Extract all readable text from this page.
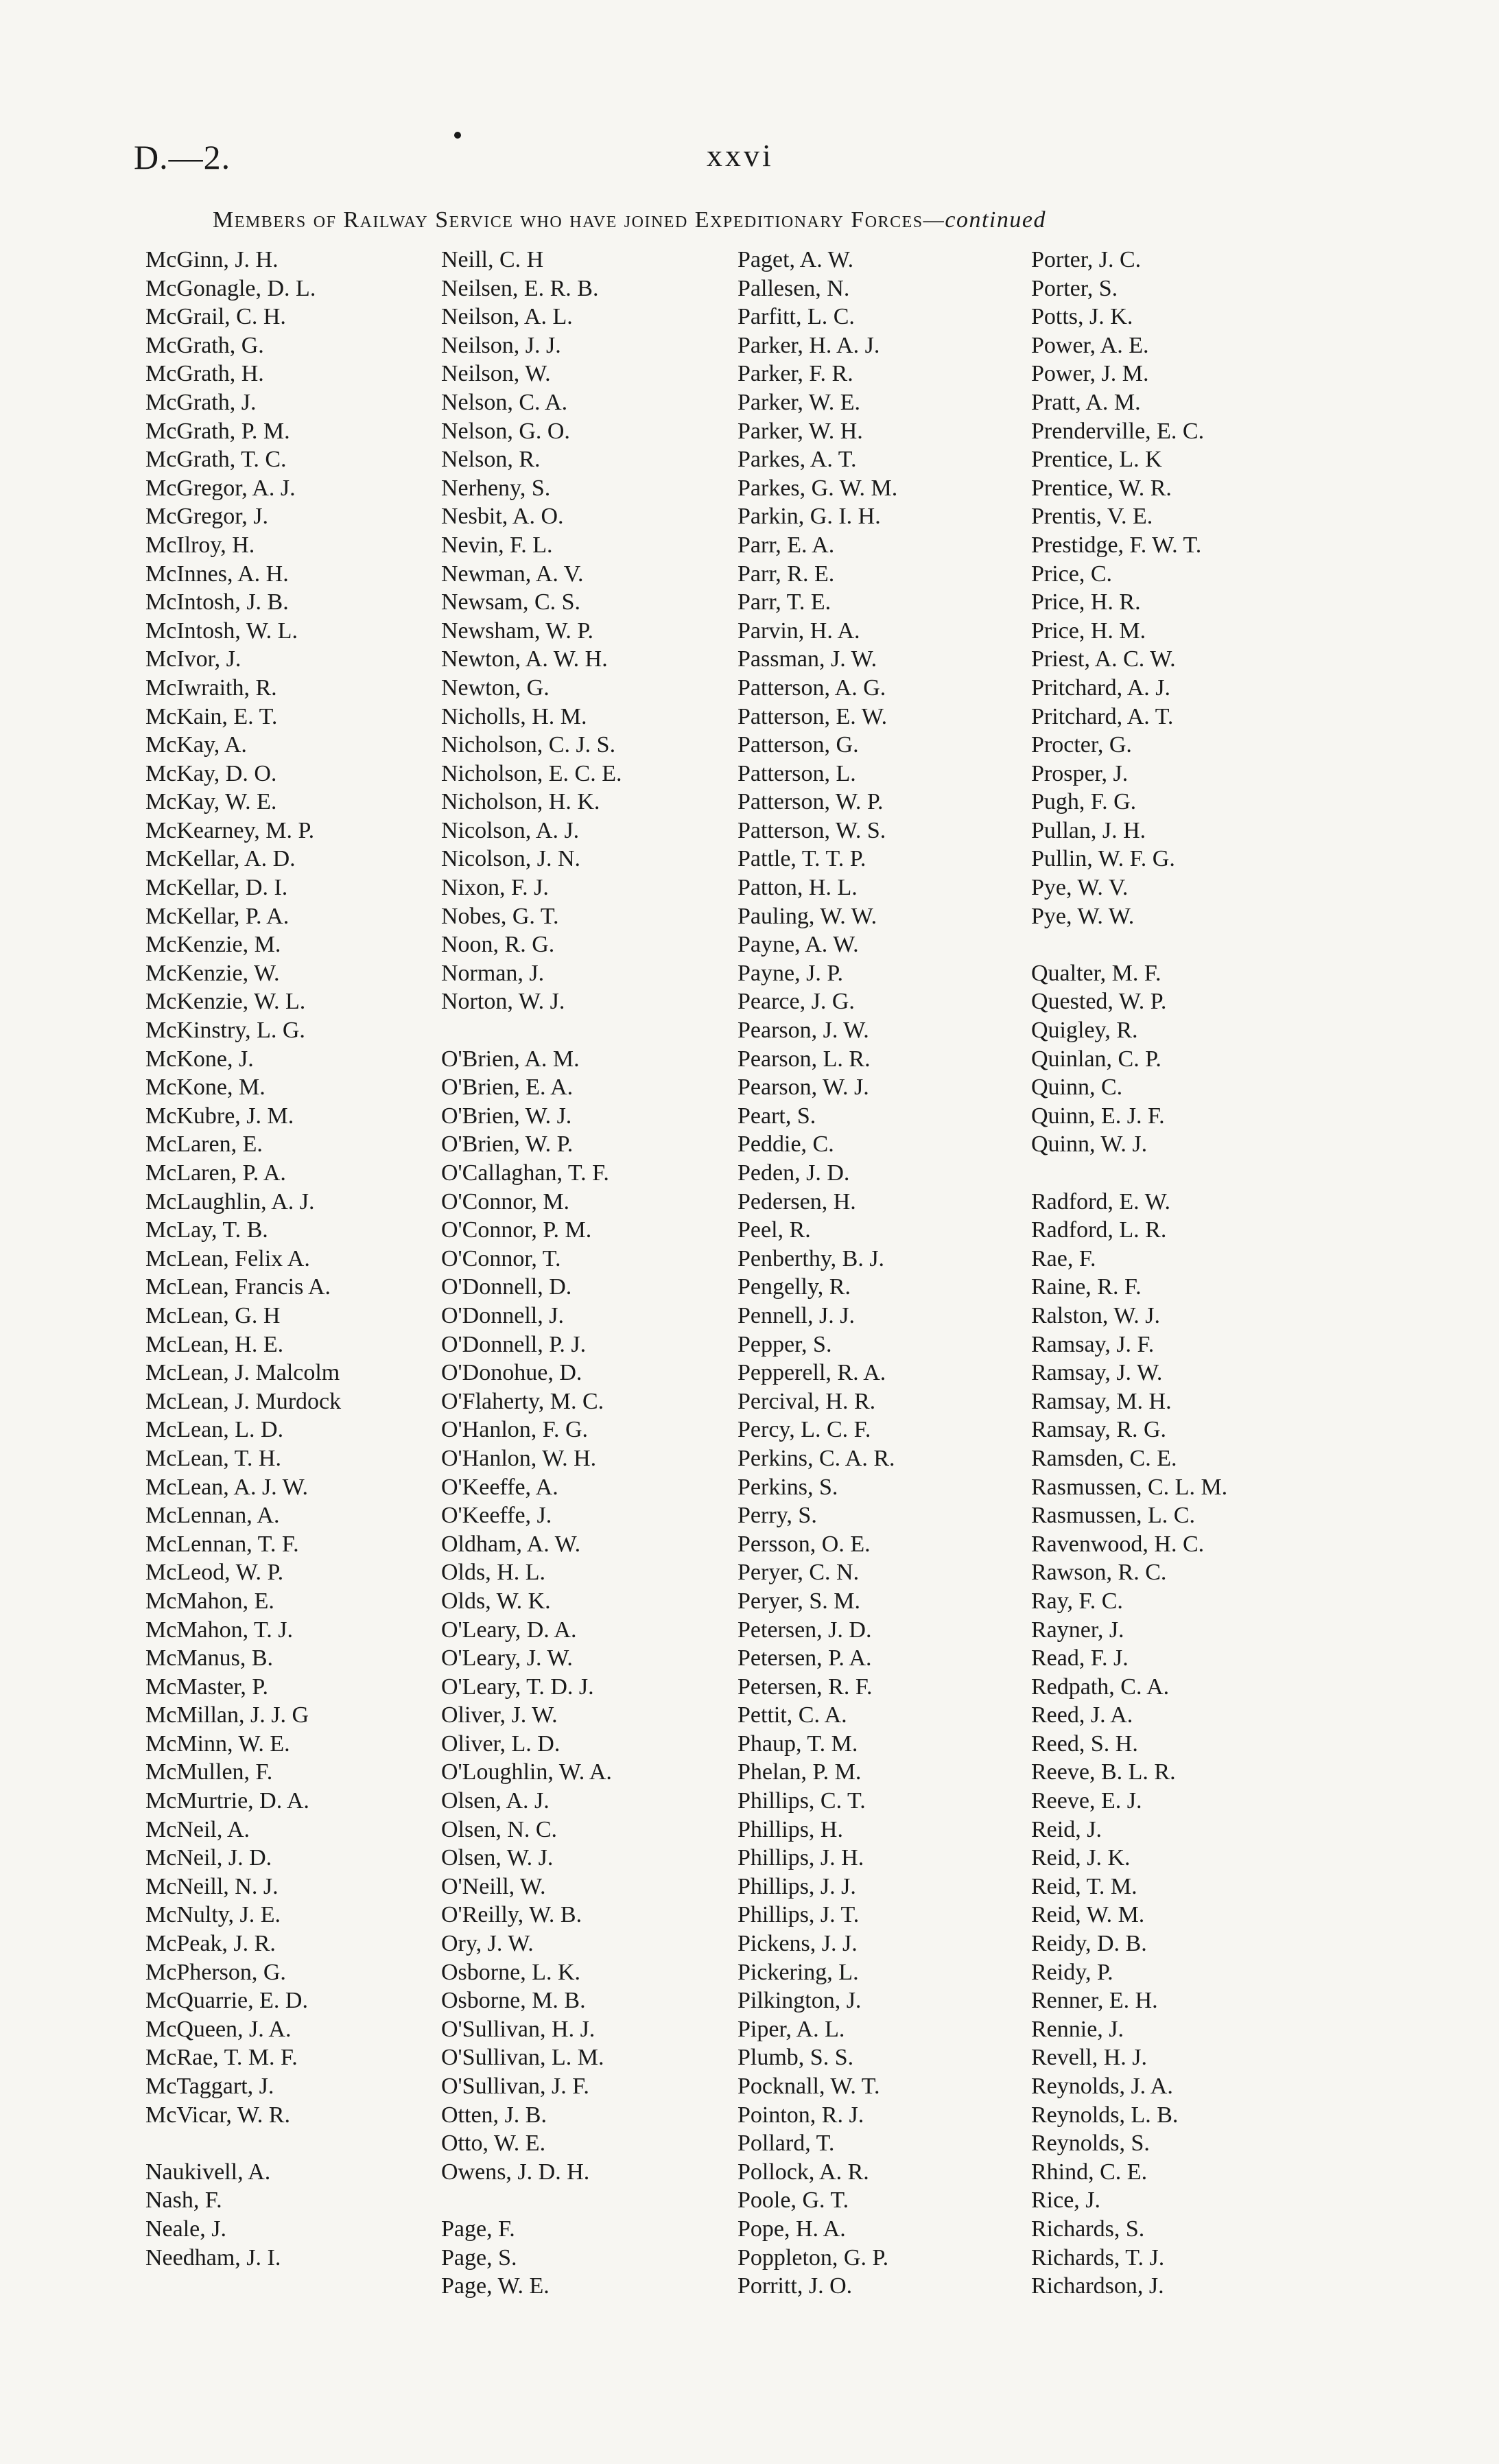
D.—2.	xxvi
Members of Railway Service who have joined Expeditionary Forces—continued
McGinn, J. H.
McGonagle, D. L.
McGrail, C. H.
McGrath, G.
McGrath, H.
McGrath, J.
McGrath, P. M.
McGrath, T. C.
McGregor, A. J.
McGregor, J.
McIlroy, H.
McInnes, A. H.
McIntosh, J. B.
McIntosh, W. L.
McIvor, J.
McIwraith, R.
McKain, E. T.
McKay, A.
McKay, D. O.
McKay, W. E.
McKearney, M. P.
McKellar, A. D.
McKellar, D. I.
McKellar, P. A.
McKenzie, M.
McKenzie, W.
McKenzie, W. L.
McKinstry, L. G.
McKone, J.
McKone, M.
McKubre, J. M.
McLaren, E.
McLaren, P. A.
McLaughlin, A. J.
McLay, T. B.
McLean, Felix A.
McLean, Francis A.
McLean, G. H
McLean, H. E.
McLean, J. Malcolm
McLean, J. Murdock
McLean, L. D.
McLean, T. H.
McLean, A. J. W.
McLennan, A.
McLennan, T. F.
McLeod, W. P.
McMahon, E.
McMahon, T. J.
McManus, B.
McMaster, P.
McMillan, J. J. G
McMinn, W. E.
McMullen, F.
McMurtrie, D. A.
McNeil, A.
McNeil, J. D.
McNeill, N. J.
McNulty, J. E.
McPeak, J. R.
McPherson, G.
McQuarrie, E. D.
McQueen, J. A.
McRae, T. M. F.
McTaggart, J.
McVicar, W. R.
Naukivell, A.
Nash, F.
Neale, J.
Needham, J. I.
Neill, C. H
Neilsen, E. R. B.
Neilson, A. L.
Neilson, J. J.
Neilson, W.
Nelson, C. A.
Nelson, G. O.
Nelson, R.
Nerheny, S.
Nesbit, A. O.
Nevin, F. L.
Newman, A. V.
Newsam, C. S.
Newsham, W. P.
Newton, A. W. H.
Newton, G.
Nicholls, H. M.
Nicholson, C. J. S.
Nicholson, E. C. E.
Nicholson, H. K.
Nicolson, A. J.
Nicolson, J. N.
Nixon, F. J.
Nobes, G. T.
Noon, R. G.
Norman, J.
Norton, W. J.
O'Brien, A. M.
O'Brien, E. A.
O'Brien, W. J.
O'Brien, W. P.
O'Callaghan, T. F.
O'Connor, M.
O'Connor, P. M.
O'Connor, T.
O'Donnell, D.
O'Donnell, J.
O'Donnell, P. J.
O'Donohue, D.
O'Flaherty, M. C.
O'Hanlon, F. G.
O'Hanlon, W. H.
O'Keeffe, A.
O'Keeffe, J.
Oldham, A. W.
Olds, H. L.
Olds, W. K.
O'Leary, D. A.
O'Leary, J. W.
O'Leary, T. D. J.
Oliver, J. W.
Oliver, L. D.
O'Loughlin, W. A.
Olsen, A. J.
Olsen, N. C.
Olsen, W. J.
O'Neill, W.
O'Reilly, W. B.
Ory, J. W.
Osborne, L. K.
Osborne, M. B.
O'Sullivan, H. J.
O'Sullivan, L. M.
O'Sullivan, J. F.
Otten, J. B.
Otto, W. E.
Owens, J. D. H.
Page, F.
Page, S.
Page, W. E.
Paget, A. W.
Pallesen, N.
Parfitt, L. C.
Parker, H. A. J.
Parker, F. R.
Parker, W. E.
Parker, W. H.
Parkes, A. T.
Parkes, G. W. M.
Parkin, G. I. H.
Parr, E. A.
Parr, R. E.
Parr, T. E.
Parvin, H. A.
Passman, J. W.
Patterson, A. G.
Patterson, E. W.
Patterson, G.
Patterson, L.
Patterson, W. P.
Patterson, W. S.
Pattle, T. T. P.
Patton, H. L.
Pauling, W. W.
Payne, A. W.
Payne, J. P.
Pearce, J. G.
Pearson, J. W.
Pearson, L. R.
Pearson, W. J.
Peart, S.
Peddie, C.
Peden, J. D.
Pedersen, H.
Peel, R.
Penberthy, B. J.
Pengelly, R.
Pennell, J. J.
Pepper, S.
Pepperell, R. A.
Percival, H. R.
Percy, L. C. F.
Perkins, C. A. R.
Perkins, S.
Perry, S.
Persson, O. E.
Peryer, C. N.
Peryer, S. M.
Petersen, J. D.
Petersen, P. A.
Petersen, R. F.
Pettit, C. A.
Phaup, T. M.
Phelan, P. M.
Phillips, C. T.
Phillips, H.
Phillips, J. H.
Phillips, J. J.
Phillips, J. T.
Pickens, J. J.
Pickering, L.
Pilkington, J.
Piper, A. L.
Plumb, S. S.
Pocknall, W. T.
Pointon, R. J.
Pollard, T.
Pollock, A. R.
Poole, G. T.
Pope, H. A.
Poppleton, G. P.
Porritt, J. O.
Porter, J. C.
Porter, S.
Potts, J. K.
Power, A. E.
Power, J. M.
Pratt, A. M.
Prenderville, E. C.
Prentice, L. K
Prentice, W. R.
Prentis, V. E.
Prestidge, F. W. T.
Price, C.
Price, H. R.
Price, H. M.
Priest, A. C. W.
Pritchard, A. J.
Pritchard, A. T.
Procter, G.
Prosper, J.
Pugh, F. G.
Pullan, J. H.
Pullin, W. F. G.
Pye, W. V.
Pye, W. W.
Qualter, M. F.
Quested, W. P.
Quigley, R.
Quinlan, C. P.
Quinn, C.
Quinn, E. J. F.
Quinn, W. J.
Radford, E. W.
Radford, L. R.
Rae, F.
Raine, R. F.
Ralston, W. J.
Ramsay, J. F.
Ramsay, J. W.
Ramsay, M. H.
Ramsay, R. G.
Ramsden, C. E.
Rasmussen, C. L. M.
Rasmussen, L. C.
Ravenwood, H. C.
Rawson, R. C.
Ray, F. C.
Rayner, J.
Read, F. J.
Redpath, C. A.
Reed, J. A.
Reed, S. H.
Reeve, B. L. R.
Reeve, E. J.
Reid, J.
Reid, J. K.
Reid, T. M.
Reid, W. M.
Reidy, D. B.
Reidy, P.
Renner, E. H.
Rennie, J.
Revell, H. J.
Reynolds, J. A.
Reynolds, L. B.
Reynolds, S.
Rhind, C. E.
Rice, J.
Richards, S.
Richards, T. J.
Richardson, J.
